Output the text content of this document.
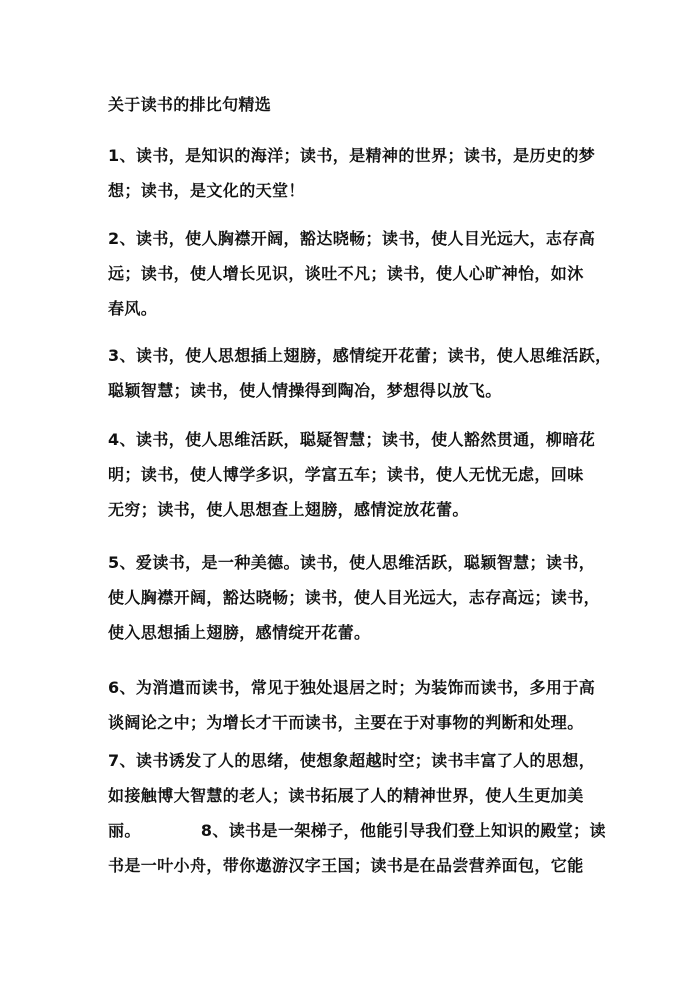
关于读书的排比句精选
1、读书，是知识的海洋；读书，是精神的世界；读书，是历史的梦
想；读书，是文化的天堂！
2、读书，使人胸襟开阔，豁达晓畅；读书，使人目光远大，志存高
远；读书，使人增长见识，谈吐不凡；读书，使人心旷神怡，如沐
春风。
3、读书，使人思想插上翅膀，感情绽开花蕾；读书，使人思维活跃，
聪颖智慧；读书，使人情操得到陶冶，梦想得以放飞。
4、读书，使人思维活跃，聪疑智慧；读书，使人豁然贯通，柳暗花
明；读书，使人博学多识，学富五车；读书，使人无忧无虑，回味
无穷；读书，使人思想查上翅膀，感情淀放花蕾。
5、爱读书，是一种美德。读书，使人思维活跃，聪颖智慧；读书，
使人胸襟开阔，豁达晓畅；读书，使人目光远大，志存高远；读书，
使入思想插上翅膀，感情绽开花蕾。
6、为消遣而读书，常见于独处退居之时；为装饰而读书，多用于高
谈阔论之中；为增长才干而读书，主要在于对事物的判断和处理。
7、读书诱发了人的思绪，使想象超越时空；读书丰富了人的思想，
如接触博大智慧的老人；读书拓展了人的精神世界，使人生更加美
丽。	8、读书是一架梯子，他能引导我们登上知识的殿堂；读
书是一叶小舟，带你遨游汉字王国；读书是在品尝营养面包，它能
